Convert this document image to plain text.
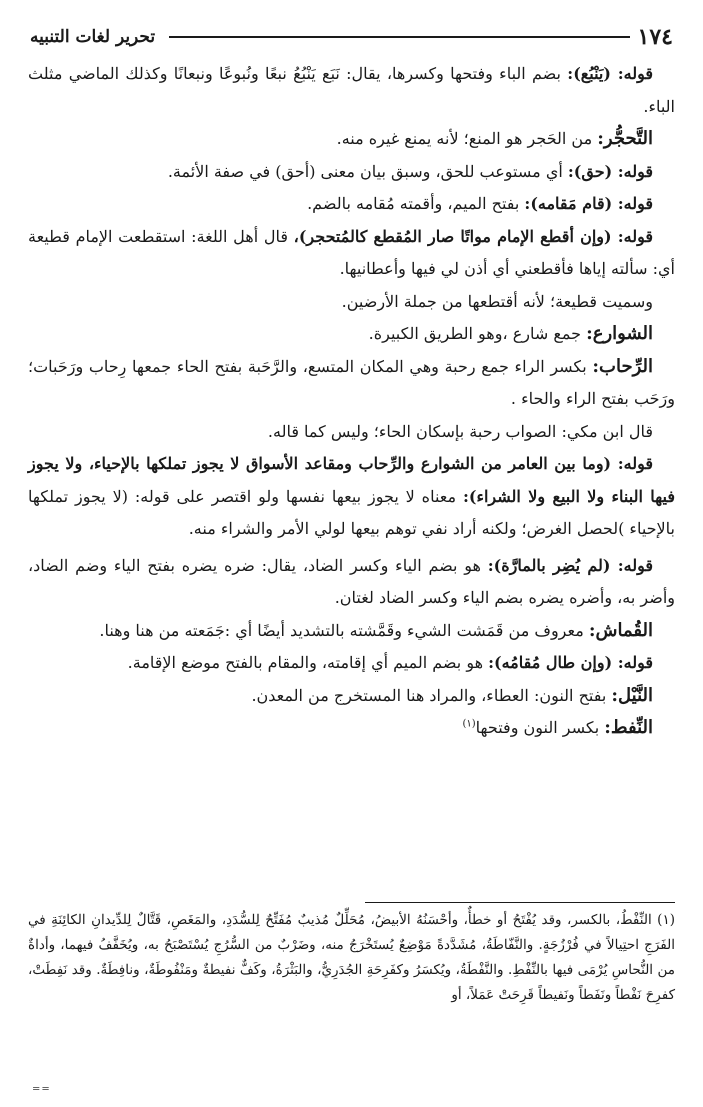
١٧٤
تحرير لغات التنبيه

قوله: (يَنْبُع): بضم الباء وفتحها وكسرها، يقال: نَبَع يَنْبُعُ نبعًا ونُبوعًا ونبعانًا وكذلك الماضي مثلث الباء.

التَّحجُّر: من الحَجر هو المنع؛ لأنه يمنع غيره منه.

قوله: (حق): أي مستوعب للحق، وسبق بيان معنى (أحق) في صفة الأئمة.

قوله: (قام مَقامه): بفتح الميم، وأقمته مُقامه بالضم.

قوله: (وإن أقطع الإمام مواتًا صار المُقطع كالمُتحجر)، قال أهل اللغة: استقطعت الإمام قطيعة أي: سألته إياها فأقطعني أي أذن لي فيها وأعطانيها.

وسميت قطيعة؛ لأنه أقتطعها من جملة الأرضين.

الشوارع: جمع شارع ،وهو الطريق الكبيرة.

الرِّحاب: بكسر الراء جمع رحبة وهي المكان المتسع، والرَّحَبة بفتح الحاء جمعها رِحاب ورَحَبات؛ ورَحَب بفتح الراء والحاء .

قال ابن مكي: الصواب رحبة بإسكان الحاء؛ وليس كما قاله.

قوله: (وما بين العامر من الشوارع والرِّحاب ومقاعد الأسواق لا يجوز تملكها بالإحياء، ولا يجوز فيها البناء ولا البيع ولا الشراء): معناه لا يجوز بيعها نفسها ولو اقتصر على قوله: (لا يجوز تملكها بالإحياء )لحصل الغرض؛ ولكنه أراد نفي توهم بيعها لولي الأمر والشراء منه.

قوله: (لم يُضِر بالمارَّة): هو بضم الياء وكسر الضاد، يقال: ضره يضره بفتح الياء وضم الضاد، وأضر به، وأضره يضره بضم الياء وكسر الضاد لغتان.

القُماش: معروف من قَمَشت الشيء وقَمَّشته بالتشديد أيضًا أي :جَمَعته من هنا وهنا.

قوله: (وإن طال مُقامُه): هو بضم الميم أي إقامته، والمقام بالفتح موضع الإقامة.

النَّيْل: بفتح النون: العطاء، والمراد هنا المستخرج من المعدن.

النِّفط: بكسر النون وفتحها$^{(١)}$

(١) النِّفْطُ، بالكسر، وقد يُفْتَحُ أو خطأٌ، وأحْسَنُهُ الأبيضُ، مُحَلِّلٌ مُذيبٌ مُفَتِّحٌ لِلسُّدَدِ، والمَغَصِ، قَتَّالٌ لِلدِّيدانِ الكائِنَةِ في الفَرَجِ احتِيالاً في فُرْزُجَةٍ. والنَّفّاطَةُ، مُشَدَّدةً مَوْضِعٌ يُستَخْرَجُ منه، وضَرْبٌ من السُّرُجِ يُسْتَصْبَحُ به، ويُخَفَّفُ فيهما، وأداةٌ من النُّحاسِ يُرْمَى فيها بالنِّفْطِ. والنَّفْطَةُ، ويُكسَرُ وكفَرِحَةِ الجُدَرِيُّ، والبَثْرَةُ، وكَفٌّ نفيطةٌ ومَنْفُوطَةٌ، ونافِطَةٌ. وقد نَفِطَتْ، كفرِحَ نَفْطاً ونَفَطاً ونَفيطاً قَرِحَتْ عَمَلاً، أو

==
